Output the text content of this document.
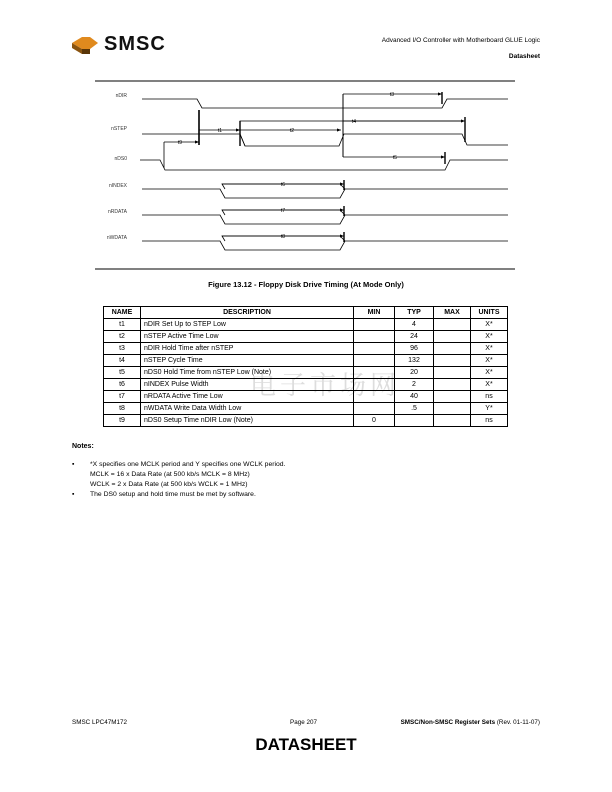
SMSC	Advanced I/O Controller with Motherboard GLUE Logic
Datasheet
nDIR
nSTEP
nDS0
nINDEX
nRDATA
nWDATA
t1	t2
t3
t4
t5
t6
t7
t8
t9
Figure 13.12 - Floppy Disk Drive Timing (At Mode Only)
电子市场网
NAME	DESCRIPTION	MIN	TYP	MAX	UNITS
t1	nDIR Set Up to STEP Low		4		X*
t2	nSTEP Active Time Low		24		X*
t3	nDIR Hold Time after nSTEP		96		X*
t4	nSTEP Cycle Time		132		X*
t5	nDS0 Hold Time from nSTEP Low (Note)		20		X*
t6	nINDEX Pulse Width		2		X*
t7	nRDATA Active Time Low		40		ns
t8	nWDATA Write Data Width Low		.5		Y*
t9	nDS0 Setup Time nDIR Low (Note)	0			ns
Notes:
▪ *X specifies one MCLK period and Y specifies one WCLK period.
MCLK = 16 x Data Rate (at 500 kb/s MCLK = 8 MHz)
WCLK = 2 x Data Rate (at 500 kb/s WCLK = 1 MHz)
▪ The DS0 setup and hold time must be met by software.
SMSC LPC47M172	Page 207	SMSC/Non-SMSC Register Sets (Rev. 01-11-07)
DATASHEET
